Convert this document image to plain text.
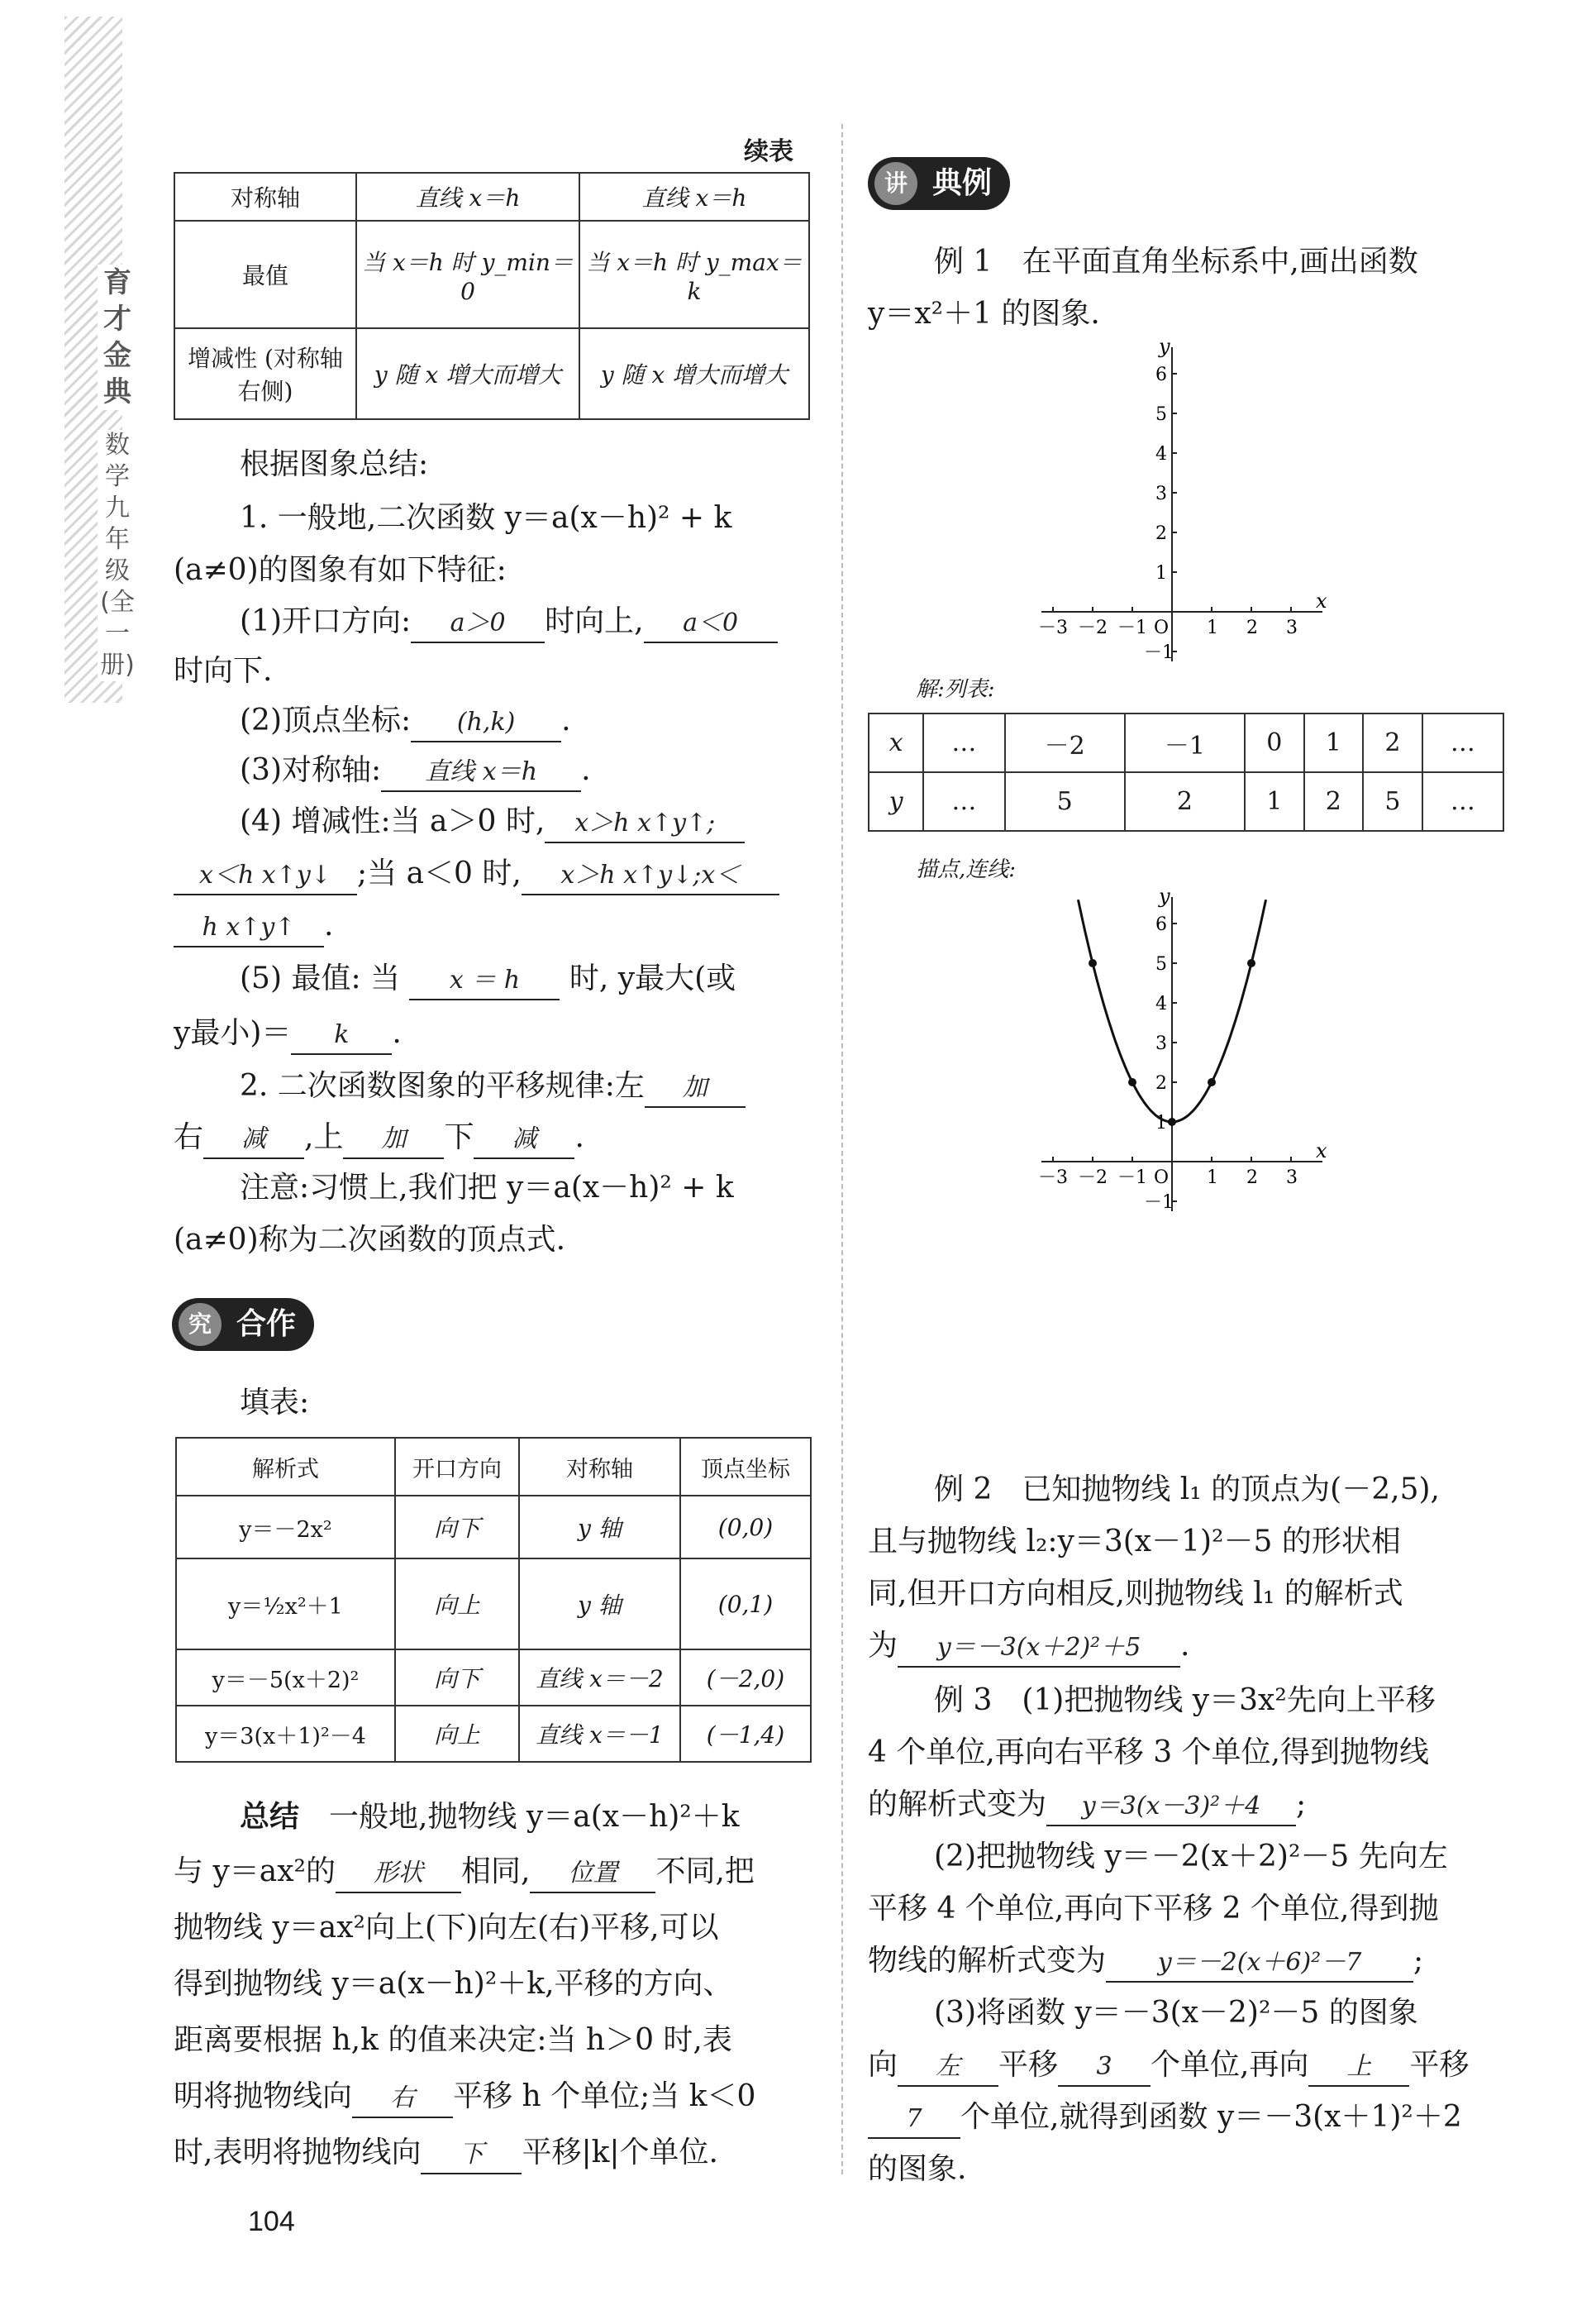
育才金典
数学 九年级(全一册)
续表
对称轴	直线 x＝h	直线 x＝h
最值	当 x＝h 时 y_min＝0	当 x＝h 时 y_max＝k
增减性 (对称轴右侧)	y 随 x 增大而增大	y 随 x 增大而增大
根据图象总结:
1. 一般地,二次函数 y＝a(x－h)² + k
(a≠0)的图象有如下特征:
(1)开口方向: a＞0 时向上, a＜0
时向下.
(2)顶点坐标: (h,k) .
(3)对称轴: 直线 x＝h .
(4) 增减性:当 a＞0 时, x＞h x↑y↑;
x＜h x↑y↓ ;当 a＜0 时, x＞h x↑y↓;x＜
h x↑y↑ .
(5) 最值: 当 x ＝ h 时, y最大(或
y最小)＝ k .
2. 二次函数图象的平移规律:左 加
右 减 ,上 加 下 减 .
注意:习惯上,我们把 y＝a(x－h)² + k
(a≠0)称为二次函数的顶点式.
究 合作
填表:
解析式	开口方向	对称轴	顶点坐标
y＝－2x²	向下	y 轴	(0,0)
y＝½x²＋1	向上	y 轴	(0,1)
y＝－5(x＋2)²	向下	直线 x＝－2	(－2,0)
y＝3(x＋1)²－4	向上	直线 x＝－1	(－1,4)
总结　 一般地,抛物线 y＝a(x－h)²＋k
与 y＝ax²的 形状 相同, 位置 不同,把
抛物线 y＝ax²向上(下)向左(右)平移,可以
得到抛物线 y＝a(x－h)²＋k,平移的方向、
距离要根据 h,k 的值来决定:当 h＞0 时,表
明将抛物线向 右 平移 h 个单位;当 k＜0
时,表明将抛物线向 下 平移|k|个单位.
104
讲 典例
例 1　在平面直角坐标系中,画出函数
y＝x²＋1 的图象.
x
y
－3 －2 －1 O 1 2 3
1
2
3
4
5
6
－1
解:列表:
x	…	－2	－1	0	1	2	…
y	…	5	2	1	2	5	…
描点,连线:
x
y
－3 －2 －1 O 1 2 3
1
2
3
4
5
6
－1
例 2　已知抛物线 l₁ 的顶点为(－2,5),
且与抛物线 l₂:y＝3(x－1)²－5 的形状相
同,但开口方向相反,则抛物线 l₁ 的解析式
为 y＝－3(x＋2)²＋5 .
例 3　(1)把抛物线 y＝3x²先向上平移
4 个单位,再向右平移 3 个单位,得到抛物线
的解析式变为 y＝3(x－3)²＋4 ;
(2)把抛物线 y＝－2(x＋2)²－5 先向左
平移 4 个单位,再向下平移 2 个单位,得到抛
物线的解析式变为 y＝－2(x＋6)²－7 ;
(3)将函数 y＝－3(x－2)²－5 的图象
向 左 平移 3 个单位,再向 上 平移
7 个单位,就得到函数 y＝－3(x＋1)²＋2
的图象.
